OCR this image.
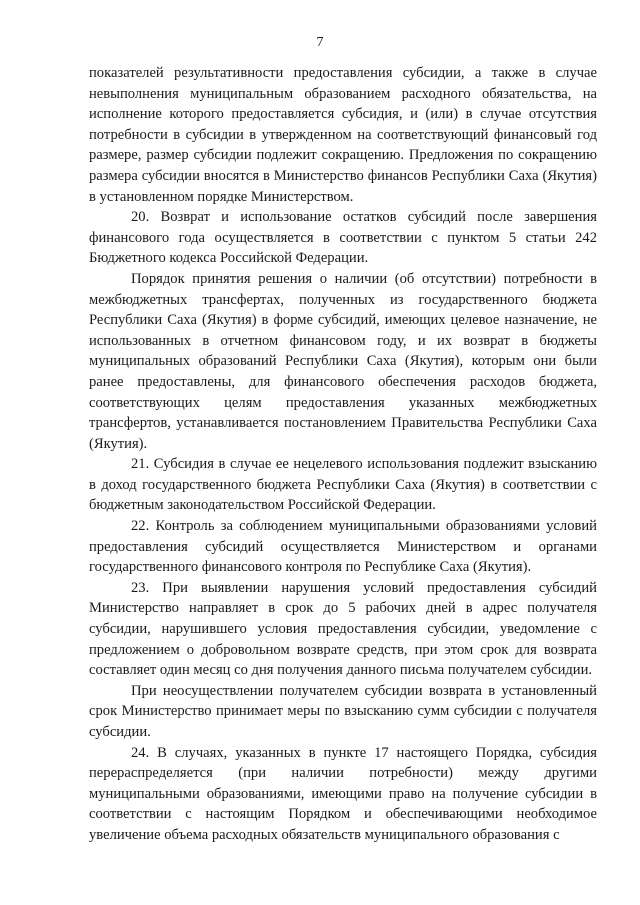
7

показателей результативности предоставления субсидии, а также в случае невыполнения муниципальным образованием расходного обязательства, на исполнение которого предоставляется субсидия, и (или) в случае отсутствия потребности в субсидии в утвержденном на соответствующий финансовый год размере, размер субсидии подлежит сокращению. Предложения по сокращению размера субсидии вносятся в Министерство финансов Республики Саха (Якутия) в установленном порядке Министерством.

20. Возврат и использование остатков субсидий после завершения финансового года осуществляется в соответствии с пунктом 5 статьи 242 Бюджетного кодекса Российской Федерации.

Порядок принятия решения о наличии (об отсутствии) потребности в межбюджетных трансфертах, полученных из государственного бюджета Республики Саха (Якутия) в форме субсидий, имеющих целевое назначение, не использованных в отчетном финансовом году, и их возврат в бюджеты муниципальных образований Республики Саха (Якутия), которым они были ранее предоставлены, для финансового обеспечения расходов бюджета, соответствующих целям предоставления указанных межбюджетных трансфертов, устанавливается постановлением Правительства Республики Саха (Якутия).

21. Субсидия в случае ее нецелевого использования подлежит взысканию в доход государственного бюджета Республики Саха (Якутия) в соответствии с бюджетным законодательством Российской Федерации.

22. Контроль за соблюдением муниципальными образованиями условий предоставления субсидий осуществляется Министерством и органами государственного финансового контроля по Республике Саха (Якутия).

23. При выявлении нарушения условий предоставления субсидий Министерство направляет в срок до 5 рабочих дней в адрес получателя субсидии, нарушившего условия предоставления субсидии, уведомление с предложением о добровольном возврате средств, при этом срок для возврата составляет один месяц со дня получения данного письма получателем субсидии.

При неосуществлении получателем субсидии возврата в установленный срок Министерство принимает меры по взысканию сумм субсидии с получателя субсидии.

24. В случаях, указанных в пункте 17 настоящего Порядка, субсидия перераспределяется (при наличии потребности) между другими муниципальными образованиями, имеющими право на получение субсидии в соответствии с настоящим Порядком и обеспечивающими необходимое увеличение объема расходных обязательств муниципального образования с
